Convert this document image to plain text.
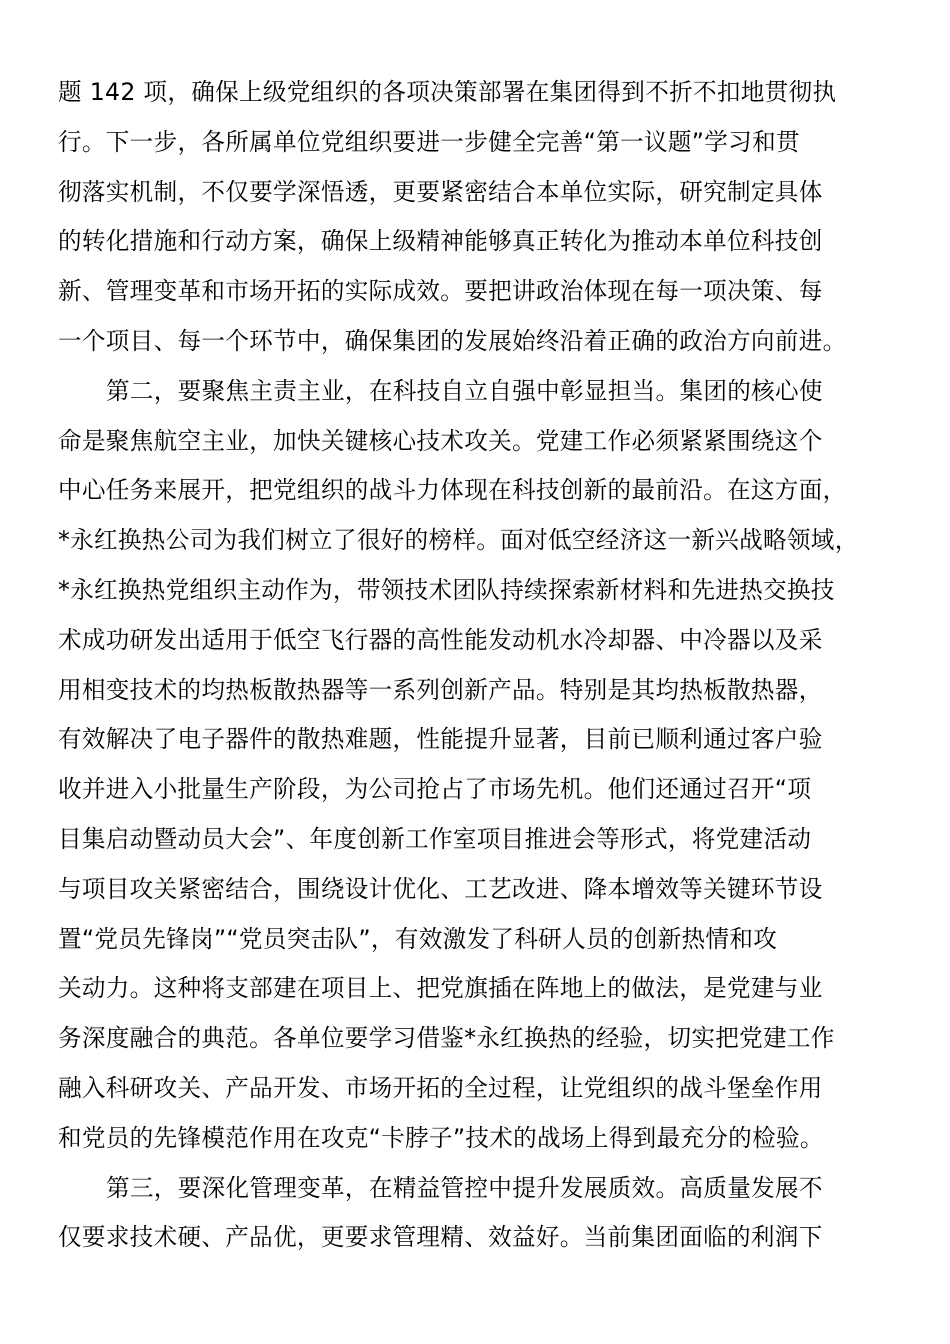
题 142 项，确保上级党组织的各项决策部署在集团得到不折不扣地贯彻执
行。下一步，各所属单位党组织要进一步健全完善“第一议题”学习和贯
彻落实机制，不仅要学深悟透，更要紧密结合本单位实际，研究制定具体
的转化措施和行动方案，确保上级精神能够真正转化为推动本单位科技创
新、管理变革和市场开拓的实际成效。要把讲政治体现在每一项决策、每
一个项目、每一个环节中，确保集团的发展始终沿着正确的政治方向前进。
第二，要聚焦主责主业，在科技自立自强中彰显担当。集团的核心使
命是聚焦航空主业，加快关键核心技术攻关。党建工作必须紧紧围绕这个
中心任务来展开，把党组织的战斗力体现在科技创新的最前沿。在这方面，
*永红换热公司为我们树立了很好的榜样。面对低空经济这一新兴战略领域，
*永红换热党组织主动作为，带领技术团队持续探索新材料和先进热交换技
术成功研发出适用于低空飞行器的高性能发动机水冷却器、中冷器以及采
用相变技术的均热板散热器等一系列创新产品。特别是其均热板散热器，
有效解决了电子器件的散热难题，性能提升显著，目前已顺利通过客户验
收并进入小批量生产阶段，为公司抢占了市场先机。他们还通过召开“项
目集启动暨动员大会”、年度创新工作室项目推进会等形式，将党建活动
与项目攻关紧密结合，围绕设计优化、工艺改进、降本增效等关键环节设
置“党员先锋岗”“党员突击队”，有效激发了科研人员的创新热情和攻
关动力。这种将支部建在项目上、把党旗插在阵地上的做法，是党建与业
务深度融合的典范。各单位要学习借鉴*永红换热的经验，切实把党建工作
融入科研攻关、产品开发、市场开拓的全过程，让党组织的战斗堡垒作用
和党员的先锋模范作用在攻克“卡脖子”技术的战场上得到最充分的检验。
第三，要深化管理变革，在精益管控中提升发展质效。高质量发展不
仅要求技术硬、产品优，更要求管理精、效益好。当前集团面临的利润下
